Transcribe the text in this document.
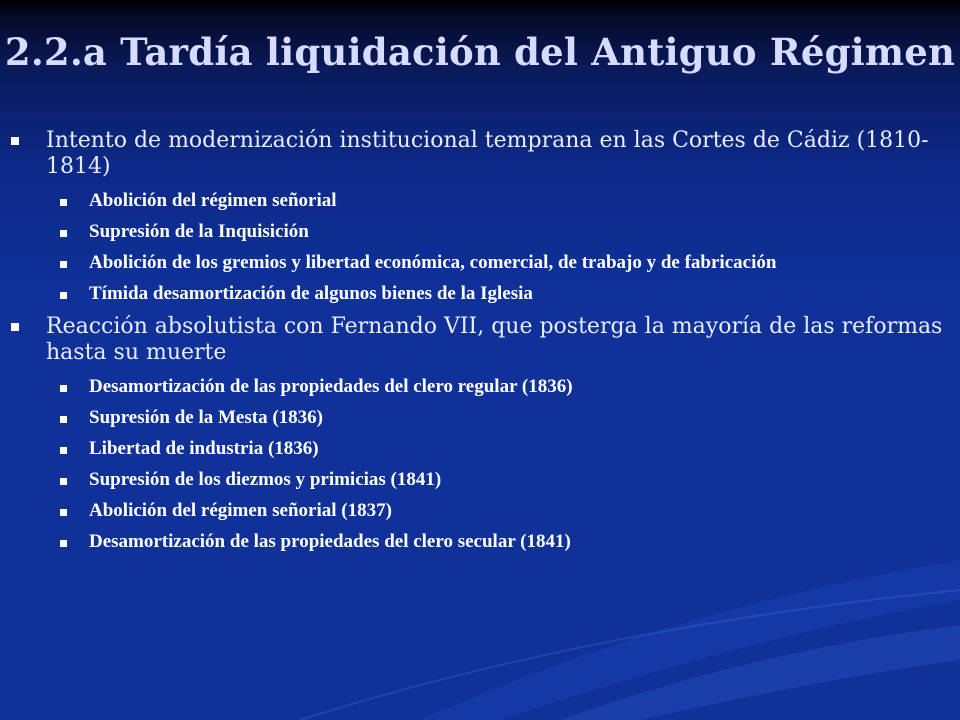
2.2.a Tardía liquidación del Antiguo Régimen
Intento de modernización institucional temprana en las Cortes de Cádiz (1810-1814)
Abolición del régimen señorial
Supresión de la Inquisición
Abolición de los gremios y libertad económica, comercial, de trabajo y de fabricación
Tímida desamortización de algunos bienes de la Iglesia
Reacción absolutista con Fernando VII, que posterga la mayoría de las reformas hasta su muerte
Desamortización de las propiedades del clero regular (1836)
Supresión de la Mesta (1836)
Libertad de industria (1836)
Supresión de los diezmos y primicias (1841)
Abolición del régimen señorial (1837)
Desamortización de las propiedades del clero secular (1841)
